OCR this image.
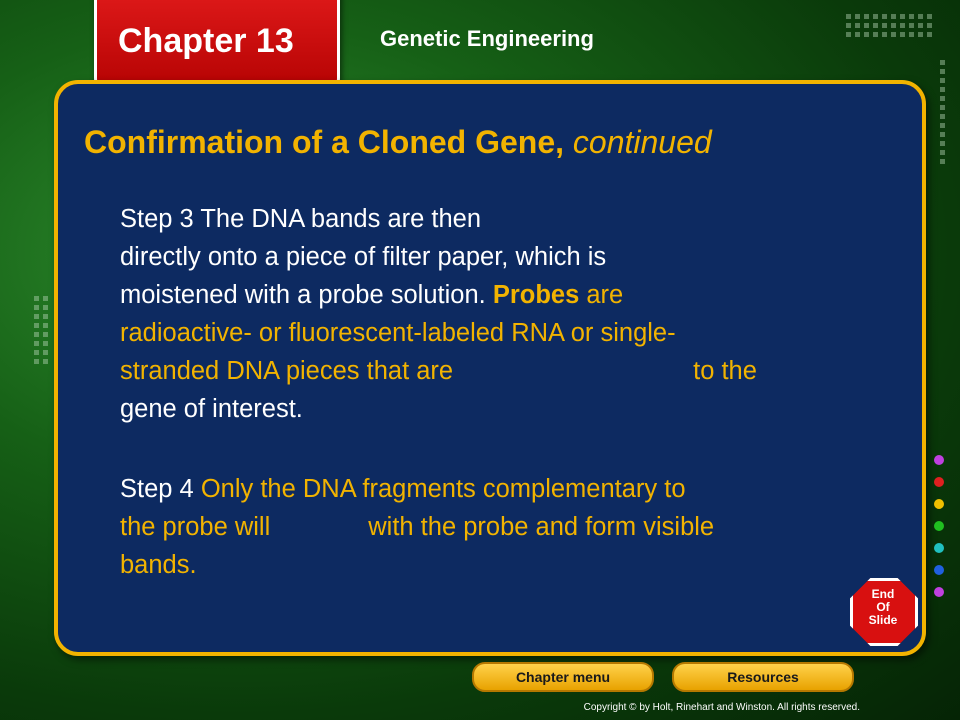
Chapter 13	Genetic Engineering
Confirmation of a Cloned Gene, continued
Step 3 The DNA bands are then
directly onto a piece of filter paper, which is
moistened with a probe solution. Probes are
radioactive- or fluorescent-labeled RNA or single-
stranded DNA pieces that are	to the
gene of interest.
Step 4 Only the DNA fragments complementary to
the probe will	with the probe and form visible
bands.
End
Of
Slide
Chapter menu	Resources
Copyright © by Holt, Rinehart and Winston. All rights reserved.
